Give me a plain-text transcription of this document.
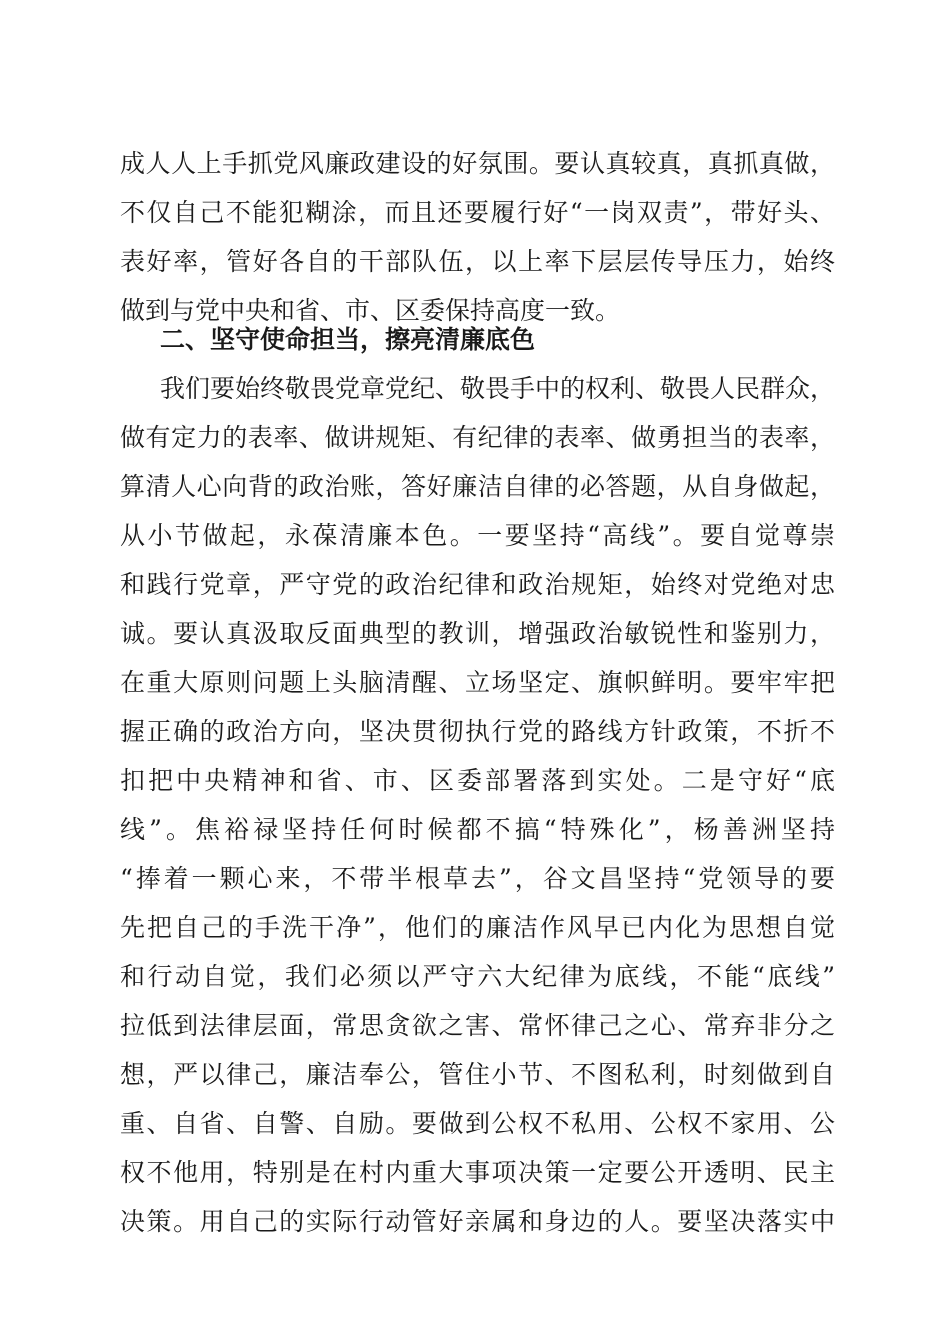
成人人上手抓党风廉政建设的好氛围。要认真较真，真抓真做，
不仅自己不能犯糊涂，而且还要履行好“一岗双责”，带好头、
表好率，管好各自的干部队伍，以上率下层层传导压力，始终
做到与党中央和省、市、区委保持高度一致。
二、坚守使命担当，擦亮清廉底色
我们要始终敬畏党章党纪、敬畏手中的权利、敬畏人民群众，
做有定力的表率、做讲规矩、有纪律的表率、做勇担当的表率，
算清人心向背的政治账，答好廉洁自律的必答题，从自身做起，
从小节做起，永葆清廉本色。一要坚持“高线”。要自觉尊崇
和践行党章，严守党的政治纪律和政治规矩，始终对党绝对忠
诚。要认真汲取反面典型的教训，增强政治敏锐性和鉴别力，
在重大原则问题上头脑清醒、立场坚定、旗帜鲜明。要牢牢把
握正确的政治方向，坚决贯彻执行党的路线方针政策，不折不
扣把中央精神和省、市、区委部署落到实处。二是守好“底
线”。焦裕禄坚持任何时候都不搞“特殊化”，杨善洲坚持
“捧着一颗心来，不带半根草去”，谷文昌坚持“党领导的要
先把自己的手洗干净”，他们的廉洁作风早已内化为思想自觉
和行动自觉，我们必须以严守六大纪律为底线，不能“底线”
拉低到法律层面，常思贪欲之害、常怀律己之心、常弃非分之
想，严以律己，廉洁奉公，管住小节、不图私利，时刻做到自
重、自省、自警、自励。要做到公权不私用、公权不家用、公
权不他用，特别是在村内重大事项决策一定要公开透明、民主
决策。用自己的实际行动管好亲属和身边的人。要坚决落实中
